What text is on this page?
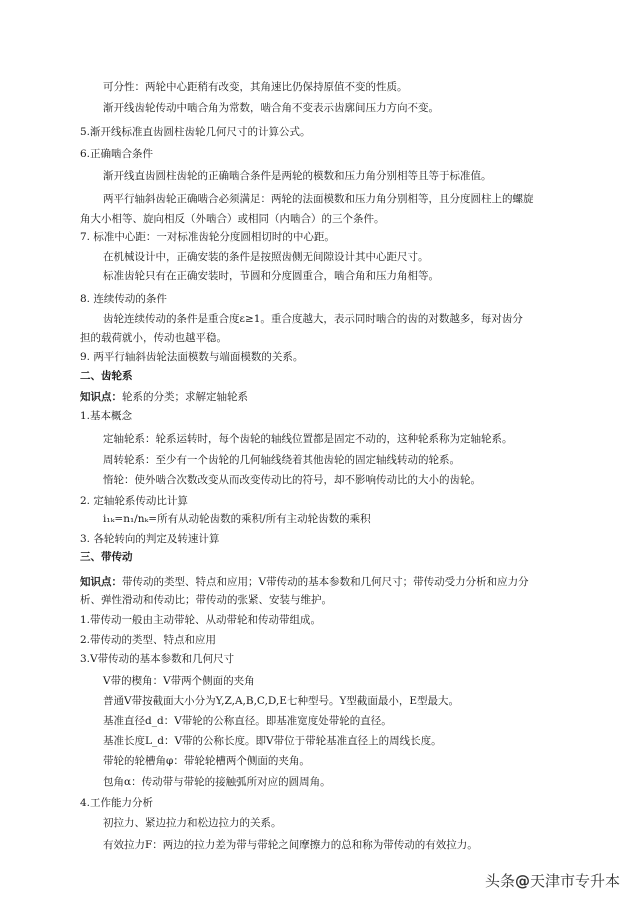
可分性：两轮中心距稍有改变，其角速比仍保持原值不变的性质。
渐开线齿轮传动中啮合角为常数，啮合角不变表示齿廓间压力方向不变。
5.渐开线标准直齿圆柱齿轮几何尺寸的计算公式。
6.正确啮合条件
渐开线直齿圆柱齿轮的正确啮合条件是两轮的模数和压力角分别相等且等于标准值。
两平行轴斜齿轮正确啮合必须满足：两轮的法面模数和压力角分别相等，且分度圆柱上的螺旋
角大小相等、旋向相反（外啮合）或相同（内啮合）的三个条件。
7. 标准中心距：一对标准齿轮分度圆相切时的中心距。
在机械设计中，正确安装的条件是按照齿侧无间隙设计其中心距尺寸。
标准齿轮只有在正确安装时，节圆和分度圆重合，啮合角和压力角相等。
8. 连续传动的条件
齿轮连续传动的条件是重合度ε≥1。重合度越大，表示同时啮合的齿的对数越多，每对齿分
担的载荷就小，传动也越平稳。
9. 两平行轴斜齿轮法面模数与端面模数的关系。
二、齿轮系
知识点：轮系的分类；求解定轴轮系
1.基本概念
定轴轮系：轮系运转时，每个齿轮的轴线位置都是固定不动的，这种轮系称为定轴轮系。
周转轮系：至少有一个齿轮的几何轴线绕着其他齿轮的固定轴线转动的轮系。
惰轮：使外啮合次数改变从而改变传动比的符号，却不影响传动比的大小的齿轮。
2. 定轴轮系传动比计算
i₁ₖ=n₁/nₖ=所有从动轮齿数的乘积/所有主动轮齿数的乘积
3. 各轮转向的判定及转速计算
三、带传动
知识点：带传动的类型、特点和应用；V带传动的基本参数和几何尺寸；带传动受力分析和应力分
析、弹性滑动和传动比；带传动的张紧、安装与维护。
1.带传动一般由主动带轮、从动带轮和传动带组成。
2.带传动的类型、特点和应用
3.V带传动的基本参数和几何尺寸
V带的楔角：V带两个侧面的夹角
普通V带按截面大小分为Y,Z,A,B,C,D,E七种型号。Y型截面最小，E型最大。
基准直径d_d：V带轮的公称直径。即基准宽度处带轮的直径。
基准长度L_d：V带的公称长度。即V带位于带轮基准直径上的周线长度。
带轮的轮槽角φ：带轮轮槽两个侧面的夹角。
包角α：传动带与带轮的接触弧所对应的圆周角。
4.工作能力分析
初拉力、紧边拉力和松边拉力的关系。
有效拉力F：两边的拉力差为带与带轮之间摩擦力的总和称为带传动的有效拉力。
头条@天津市专升本
